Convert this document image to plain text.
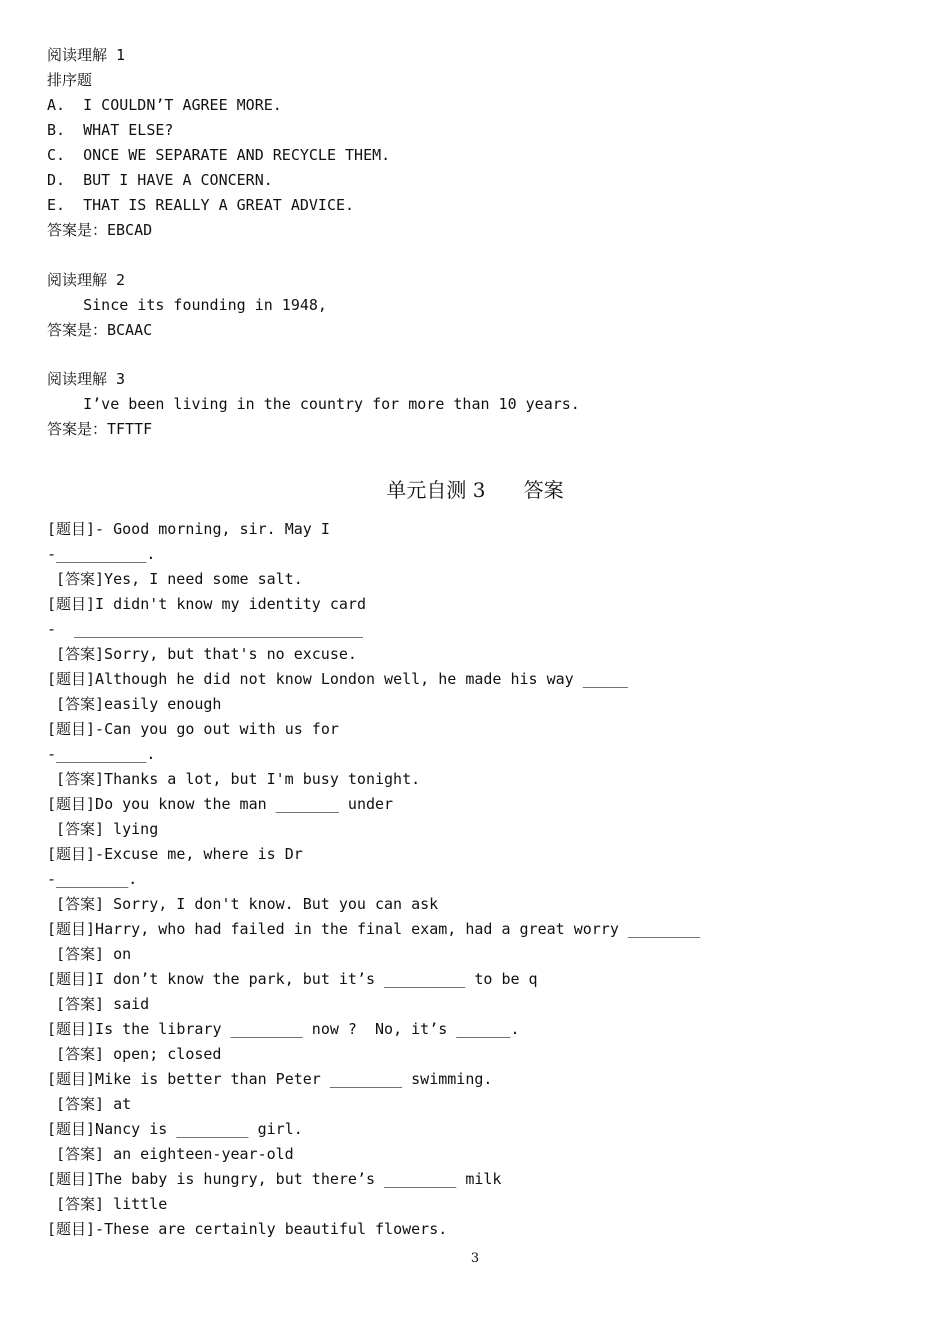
阅读理解 1
排序题
A.  I COULDN’T AGREE MORE.
B.  WHAT ELSE?
C.  ONCE WE SEPARATE AND RECYCLE THEM.
D.  BUT I HAVE A CONCERN.
E.  THAT IS REALLY A GREAT ADVICE.
答案是：EBCAD
阅读理解 2
Since its founding in 1948,
答案是：BCAAC
阅读理解 3
I’ve been living in the country for more than 10 years.
答案是：TFTTF
单元自测 3 答案
[题目]- Good morning, sir. May I
-__________.
[答案]Yes, I need some salt.
[题目]I didn't know my identity card
-  ________________________________
[答案]Sorry, but that's no excuse.
[题目]Although he did not know London well, he made his way _____
[答案]easily enough
[题目]-Can you go out with us for
-__________.
[答案]Thanks a lot, but I'm busy tonight.
[题目]Do you know the man _______ under
[答案] lying
[题目]-Excuse me, where is Dr
-________.
[答案] Sorry, I don't know. But you can ask
[题目]Harry, who had failed in the final exam, had a great worry ________
[答案] on
[题目]I don’t know the park, but it’s _________ to be q
[答案] said
[题目]Is the library ________ now ?  No, it’s ______.
[答案] open; closed
[题目]Mike is better than Peter ________ swimming.
[答案] at
[题目]Nancy is ________ girl.
[答案] an eighteen-year-old
[题目]The baby is hungry, but there’s ________ milk
[答案] little
[题目]-These are certainly beautiful flowers.
3
